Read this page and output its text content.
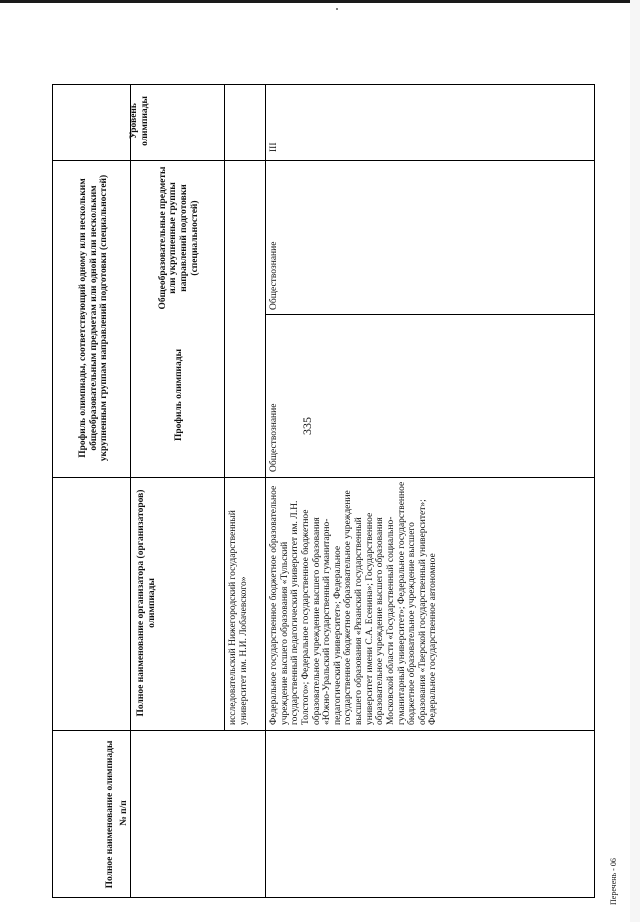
335
№ п/п
Полное наименование олимпиады
Полное наименование организатора (организаторов) олимпиады
Профиль олимпиады, соответствующий одному или нескольким общеобразовательным предметам или одной или нескольким укрупненным группам направлений подготовки (специальностей)	Профиль олимпиады
Общеобразовательные предметы или укрупненные группы направлений подготовки (специальностей)
Уровень олимпиады
исследовательский Нижегородский государственный университет им. Н.И. Лобачевского» Федеральное государственное бюджетное образовательное учреждение высшего образования «Тульский государственный педагогический университет им. Л.Н. Толстого»; Федеральное государственное бюджетное образовательное учреждение высшего образования «Южно-Уральский государственный гуманитарно-педагогический университет»; Федеральное государственное бюджетное образовательное учреждение высшего образования «Рязанский государственный университет имени С.А. Есенина»; Государственное образовательное учреждение высшего образования Московской области «Государственный социально-гуманитарный университет»; Федеральное государственное бюджетное образовательное учреждение высшего образования «Тверской государственный университет»; Федеральное государственное автономное
Обществознание
Обществознание
III
Перечень - 06
